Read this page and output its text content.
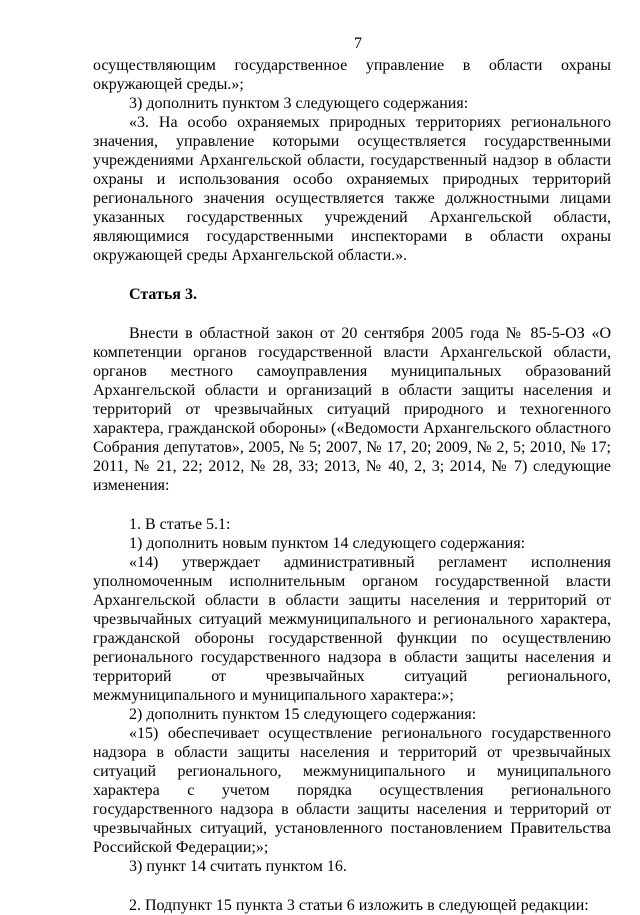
7

осуществляющим государственное управление в области охраны окружающей среды.»;

3) дополнить пунктом 3 следующего содержания:

«3. На особо охраняемых природных территориях регионального значения, управление которыми осуществляется государственными учреждениями Архангельской области, государственный надзор в области охраны и использования особо охраняемых природных территорий регионального значения осуществляется также должностными лицами указанных государственных учреждений Архангельской области, являющимися государственными инспекторами в области охраны окружающей среды Архангельской области.».

Статья 3.

Внести в областной закон от 20 сентября 2005 года № 85-5-ОЗ «О компетенции органов государственной власти Архангельской области, органов местного самоуправления муниципальных образований Архангельской области и организаций в области защиты населения и территорий от чрезвычайных ситуаций природного и техногенного характера, гражданской обороны» («Ведомости Архангельского областного Собрания депутатов», 2005, № 5; 2007, № 17, 20; 2009, № 2, 5; 2010, № 17; 2011, № 21, 22; 2012, № 28, 33; 2013, № 40, 2, 3; 2014, № 7) следующие изменения:

1. В статье 5.1:

1) дополнить новым пунктом 14 следующего содержания:

«14) утверждает административный регламент исполнения уполномоченным исполнительным органом государственной власти Архангельской области в области защиты населения и территорий от чрезвычайных ситуаций межмуниципального и регионального характера, гражданской обороны государственной функции по осуществлению регионального государственного надзора в области защиты населения и территорий от чрезвычайных ситуаций регионального, межмуниципального и муниципального характера:»;

2) дополнить пунктом 15 следующего содержания:

«15) обеспечивает осуществление регионального государственного надзора в области защиты населения и территорий от чрезвычайных ситуаций регионального, межмуниципального и муниципального характера с учетом порядка осуществления регионального государственного надзора в области защиты населения и территорий от чрезвычайных ситуаций, установленного постановлением Правительства Российской Федерации;»;

3) пункт 14 считать пунктом 16.

2. Подпункт 15 пункта 3 статьи 6 изложить в следующей редакции:
